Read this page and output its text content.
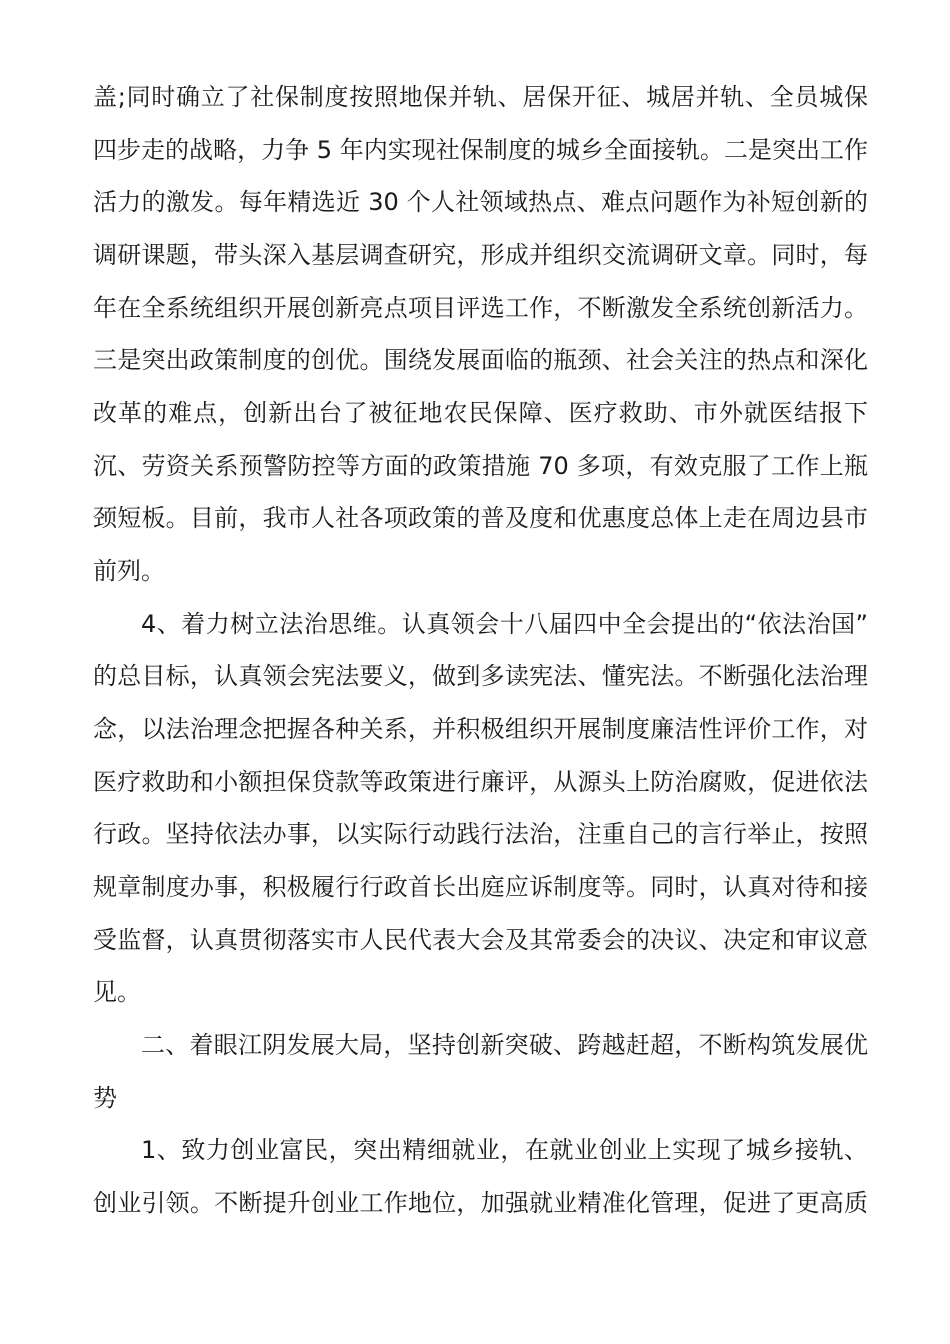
盖;同时确立了社保制度按照地保并轨、居保开征、城居并轨、全员城保
四步走的战略，力争 5 年内实现社保制度的城乡全面接轨。二是突出工作
活力的激发。每年精选近 30 个人社领域热点、难点问题作为补短创新的
调研课题，带头深入基层调查研究，形成并组织交流调研文章。同时，每
年在全系统组织开展创新亮点项目评选工作，不断激发全系统创新活力。
三是突出政策制度的创优。围绕发展面临的瓶颈、社会关注的热点和深化
改革的难点，创新出台了被征地农民保障、医疗救助、市外就医结报下
沉、劳资关系预警防控等方面的政策措施 70 多项，有效克服了工作上瓶
颈短板。目前，我市人社各项政策的普及度和优惠度总体上走在周边县市
前列。
4、着力树立法治思维。认真领会十八届四中全会提出的“依法治国”
的总目标，认真领会宪法要义，做到多读宪法、懂宪法。不断强化法治理
念，以法治理念把握各种关系，并积极组织开展制度廉洁性评价工作，对
医疗救助和小额担保贷款等政策进行廉评，从源头上防治腐败，促进依法
行政。坚持依法办事，以实际行动践行法治，注重自己的言行举止，按照
规章制度办事，积极履行行政首长出庭应诉制度等。同时，认真对待和接
受监督，认真贯彻落实市人民代表大会及其常委会的决议、决定和审议意
见。
二、着眼江阴发展大局，坚持创新突破、跨越赶超，不断构筑发展优
势
1、致力创业富民，突出精细就业，在就业创业上实现了城乡接轨、
创业引领。不断提升创业工作地位，加强就业精准化管理，促进了更高质
